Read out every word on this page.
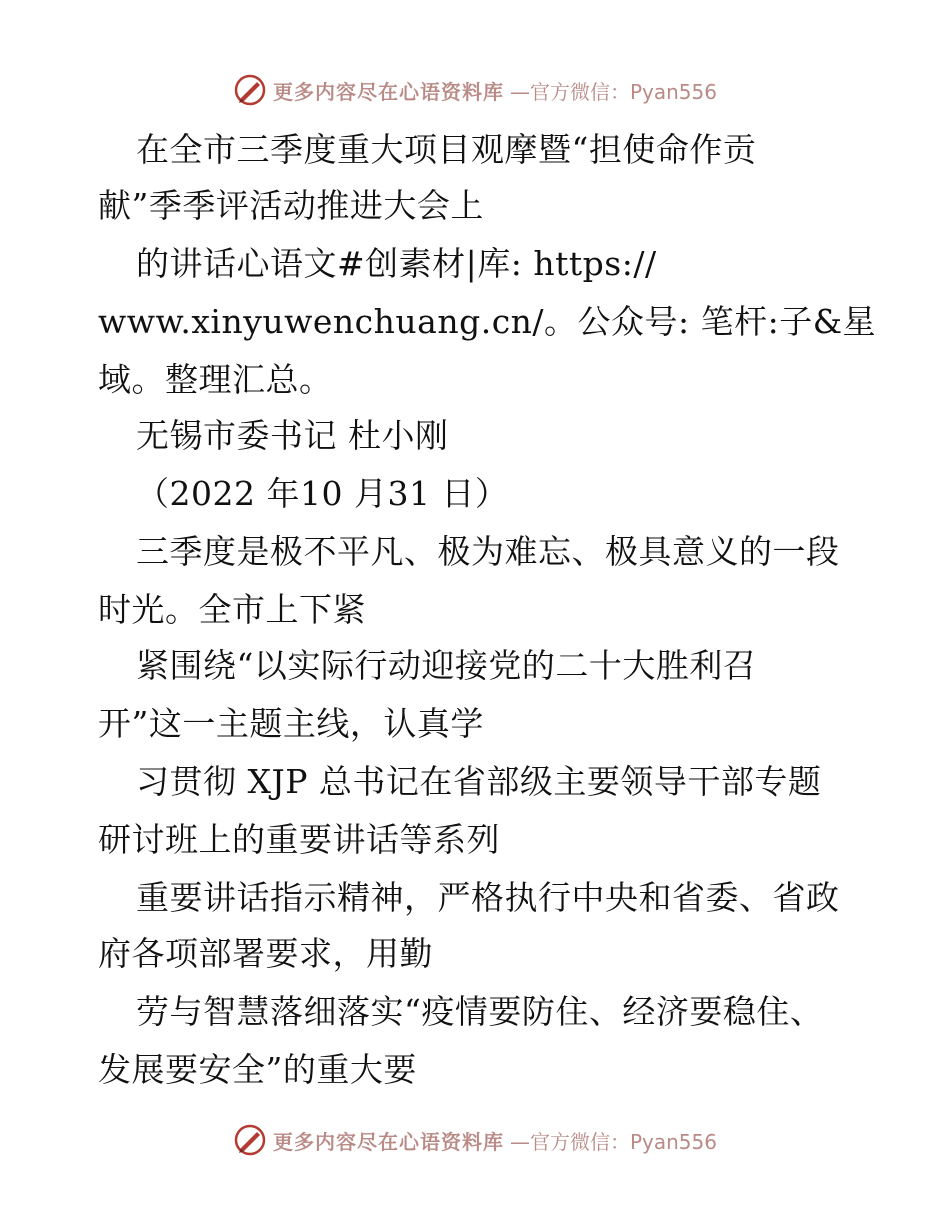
更多内容尽在心语资料库 —官方微信：Pyan556
在全市三季度重大项目观摩暨“担使命作贡
献”季季评活动推进大会上
的讲话心语文#创素材|库: https://
www.xinyuwenchuang.cn/。公众号: 笔杆:子&星
域。整理汇总。
无锡市委书记 杜小刚
（2022 年10 月31 日）
三季度是极不平凡、极为难忘、极具意义的一段
时光。全市上下紧
紧围绕“以实际行动迎接党的二十大胜利召
开”这一主题主线，认真学
习贯彻 XJP 总书记在省部级主要领导干部专题
研讨班上的重要讲话等系列
重要讲话指示精神，严格执行中央和省委、省政
府各项部署要求，用勤
劳与智慧落细落实“疫情要防住、经济要稳住、
发展要安全”的重大要
更多内容尽在心语资料库 —官方微信：Pyan556
